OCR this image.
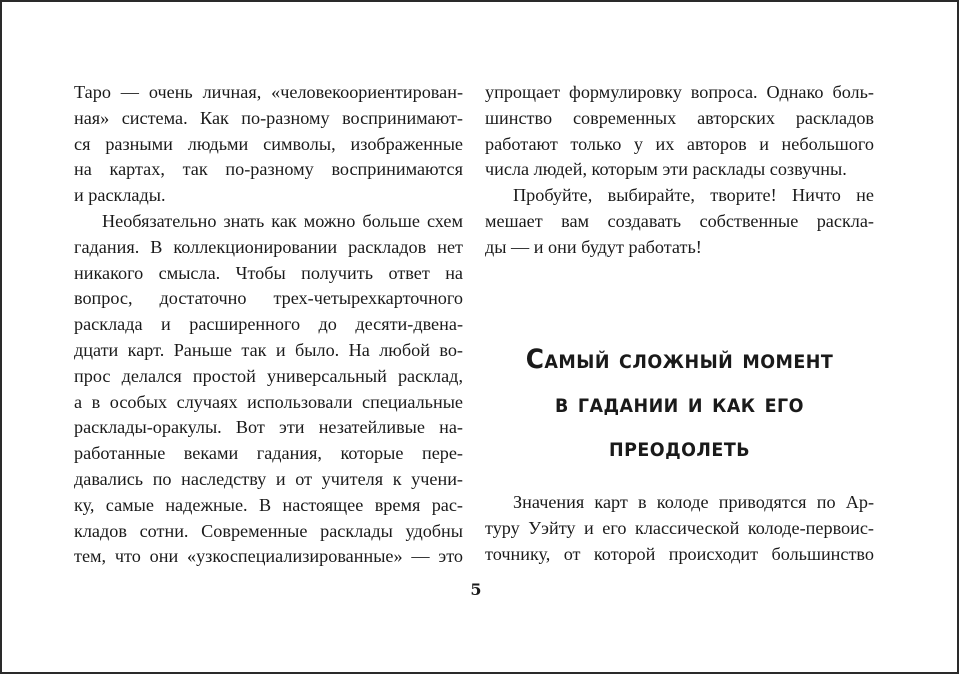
Таро — очень личная, «человекоориентирован-
ная» система. Как по-разному воспринимают-
ся разными людьми символы, изображенные
на картах, так по-разному воспринимаются
и расклады.
Необязательно знать как можно больше схем
гадания. В коллекционировании раскладов нет
никакого смысла. Чтобы получить ответ на
вопрос, достаточно трех-четырехкарточного
расклада и расширенного до десяти-двена-
дцати карт. Раньше так и было. На любой во-
прос делался простой универсальный расклад,
а в особых случаях использовали специальные
расклады-оракулы. Вот эти незатейливые на-
работанные веками гадания, которые пере-
давались по наследству и от учителя к учени-
ку, самые надежные. В настоящее время рас-
кладов сотни. Современные расклады удобны
тем, что они «узкоспециализированные» — это
упрощает формулировку вопроса. Однако боль-
шинство современных авторских раскладов
работают только у их авторов и небольшого
числа людей, которым эти расклады созвучны.
Пробуйте, выбирайте, творите! Ничто не
мешает вам создавать собственные раскла-
ды — и они будут работать!
Самый сложный момент
в гадании и как его
преодолеть
Значения карт в колоде приводятся по Ар-
туру Уэйту и его классической колоде-первоис-
точнику, от которой происходит большинство
5
